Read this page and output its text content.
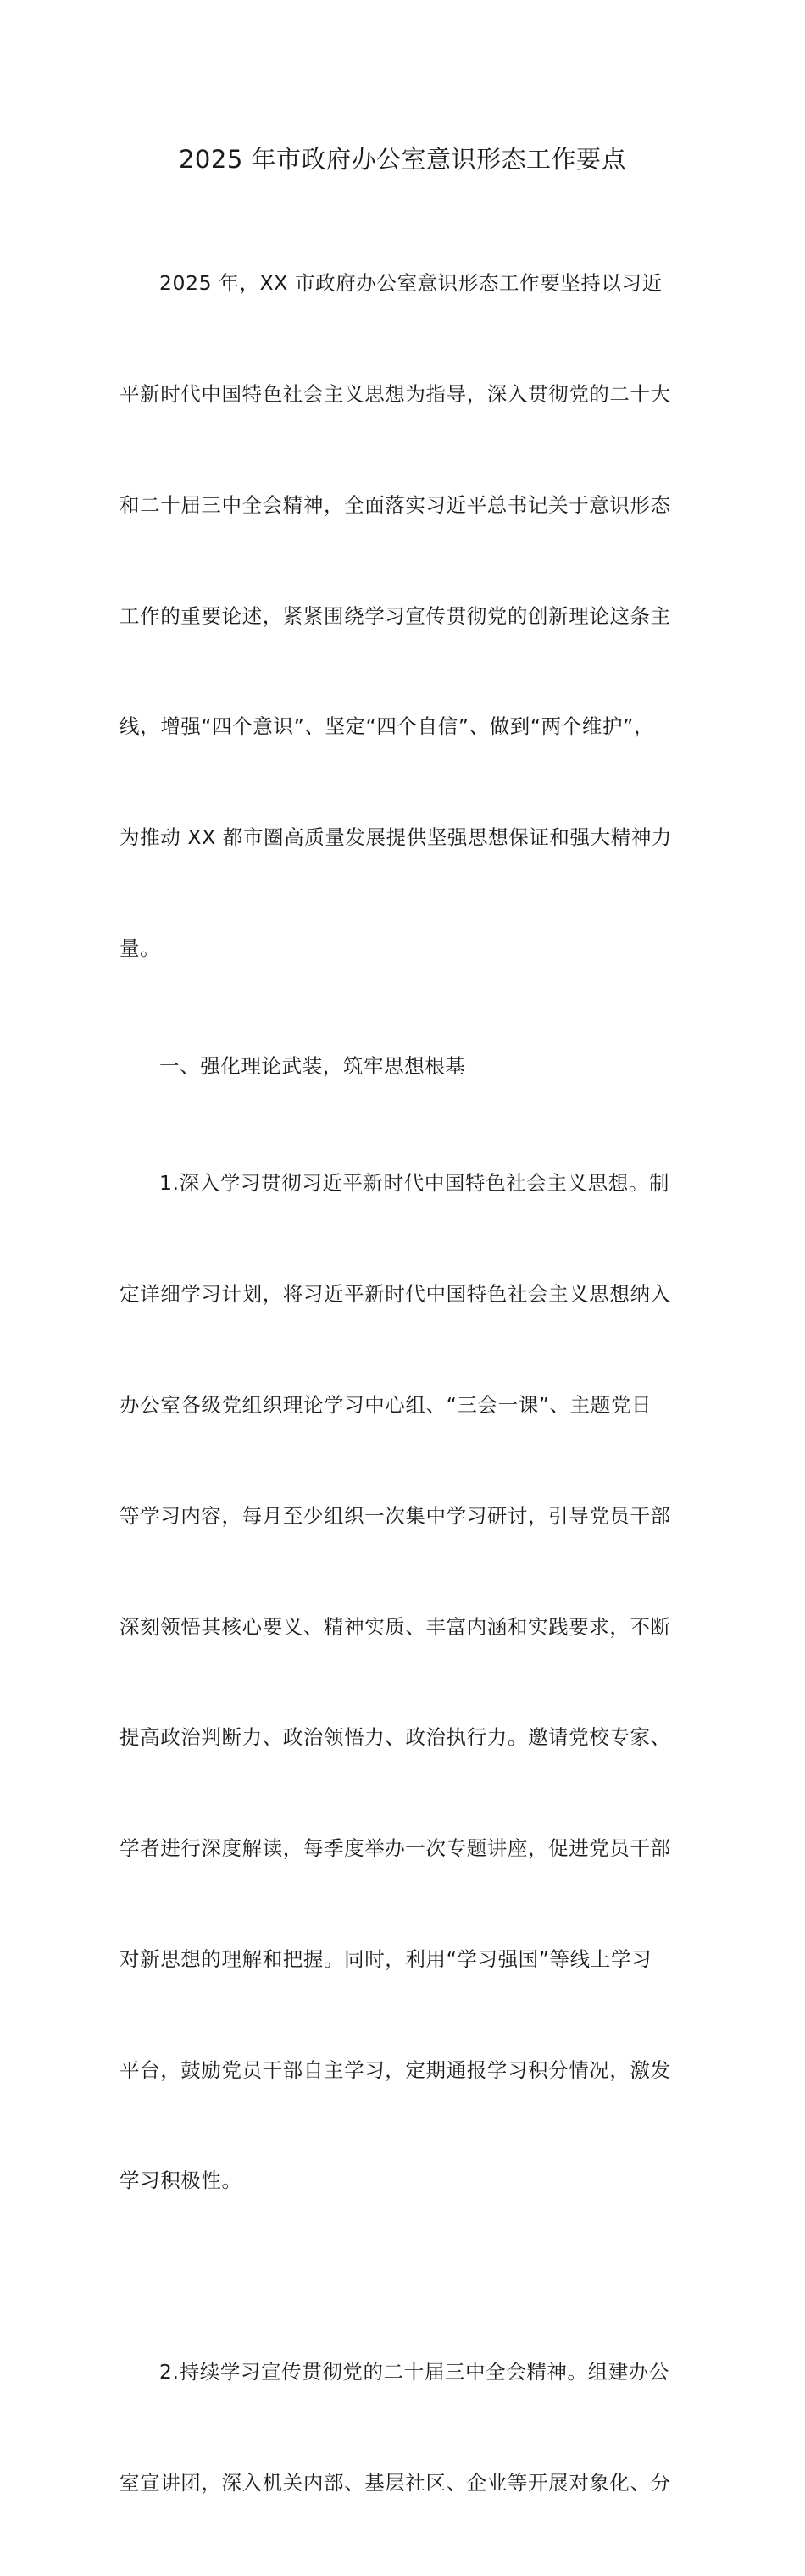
2025 年市政府办公室意识形态工作要点

2025 年，XX 市政府办公室意识形态工作要坚持以习近

平新时代中国特色社会主义思想为指导，深入贯彻党的二十大

和二十届三中全会精神，全面落实习近平总书记关于意识形态

工作的重要论述，紧紧围绕学习宣传贯彻党的创新理论这条主

线，增强“四个意识”、坚定“四个自信”、做到“两个维护”，

为推动 XX 都市圈高质量发展提供坚强思想保证和强大精神力

量。

一、强化理论武装，筑牢思想根基

1.深入学习贯彻习近平新时代中国特色社会主义思想。制

定详细学习计划，将习近平新时代中国特色社会主义思想纳入

办公室各级党组织理论学习中心组、“三会一课”、主题党日

等学习内容，每月至少组织一次集中学习研讨，引导党员干部

深刻领悟其核心要义、精神实质、丰富内涵和实践要求，不断

提高政治判断力、政治领悟力、政治执行力。邀请党校专家、

学者进行深度解读，每季度举办一次专题讲座，促进党员干部

对新思想的理解和把握。同时，利用“学习强国”等线上学习

平台，鼓励党员干部自主学习，定期通报学习积分情况，激发

学习积极性。

2.持续学习宣传贯彻党的二十届三中全会精神。组建办公

室宣讲团，深入机关内部、基层社区、企业等开展对象化、分
